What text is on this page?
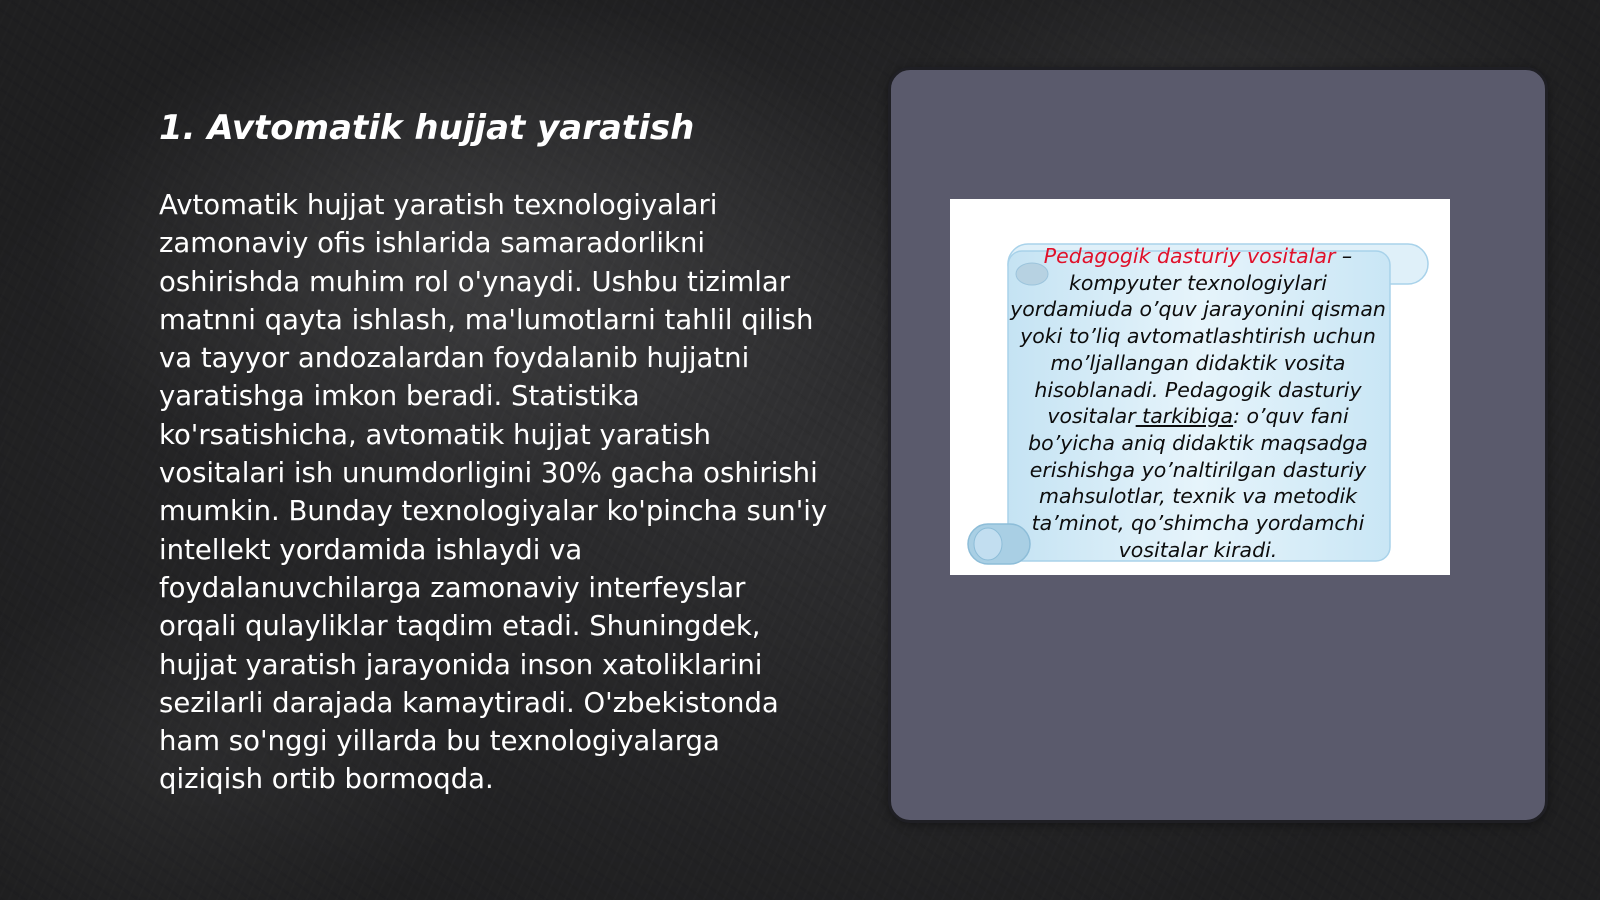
1. Avtomatik hujjat yaratish

Avtomatik hujjat yaratish texnologiyalari zamonaviy ofis ishlarida samaradorlikni oshirishda muhim rol o'ynaydi. Ushbu tizimlar matnni qayta ishlash, ma'lumotlarni tahlil qilish va tayyor andozalardan foydalanib hujjatni yaratishga imkon beradi. Statistika ko'rsatishicha, avtomatik hujjat yaratish vositalari ish unumdorligini 30% gacha oshirishi mumkin. Bunday texnologiyalar ko'pincha sun'iy intellekt yordamida ishlaydi va foydalanuvchilarga zamonaviy interfeyslar orqali qulayliklar taqdim etadi. Shuningdek, hujjat yaratish jarayonida inson xatoliklarini sezilarli darajada kamaytiradi. O'zbekistonda ham so'nggi yillarda bu texnologiyalarga qiziqish ortib bormoqda.

Pedagogik dasturiy vositalar – kompyuter texnologiylari yordamiuda o’quv jarayonini qisman yoki to’liq avtomatlashtirish uchun mo’ljallangan didaktik vosita hisoblanadi. Pedagogik dasturiy vositalar tarkibiga: o’quv fani bo’yicha aniq didaktik maqsadga erishishga yo’naltirilgan dasturiy mahsulotlar, texnik va metodik ta’minot, qo’shimcha yordamchi vositalar kiradi.
